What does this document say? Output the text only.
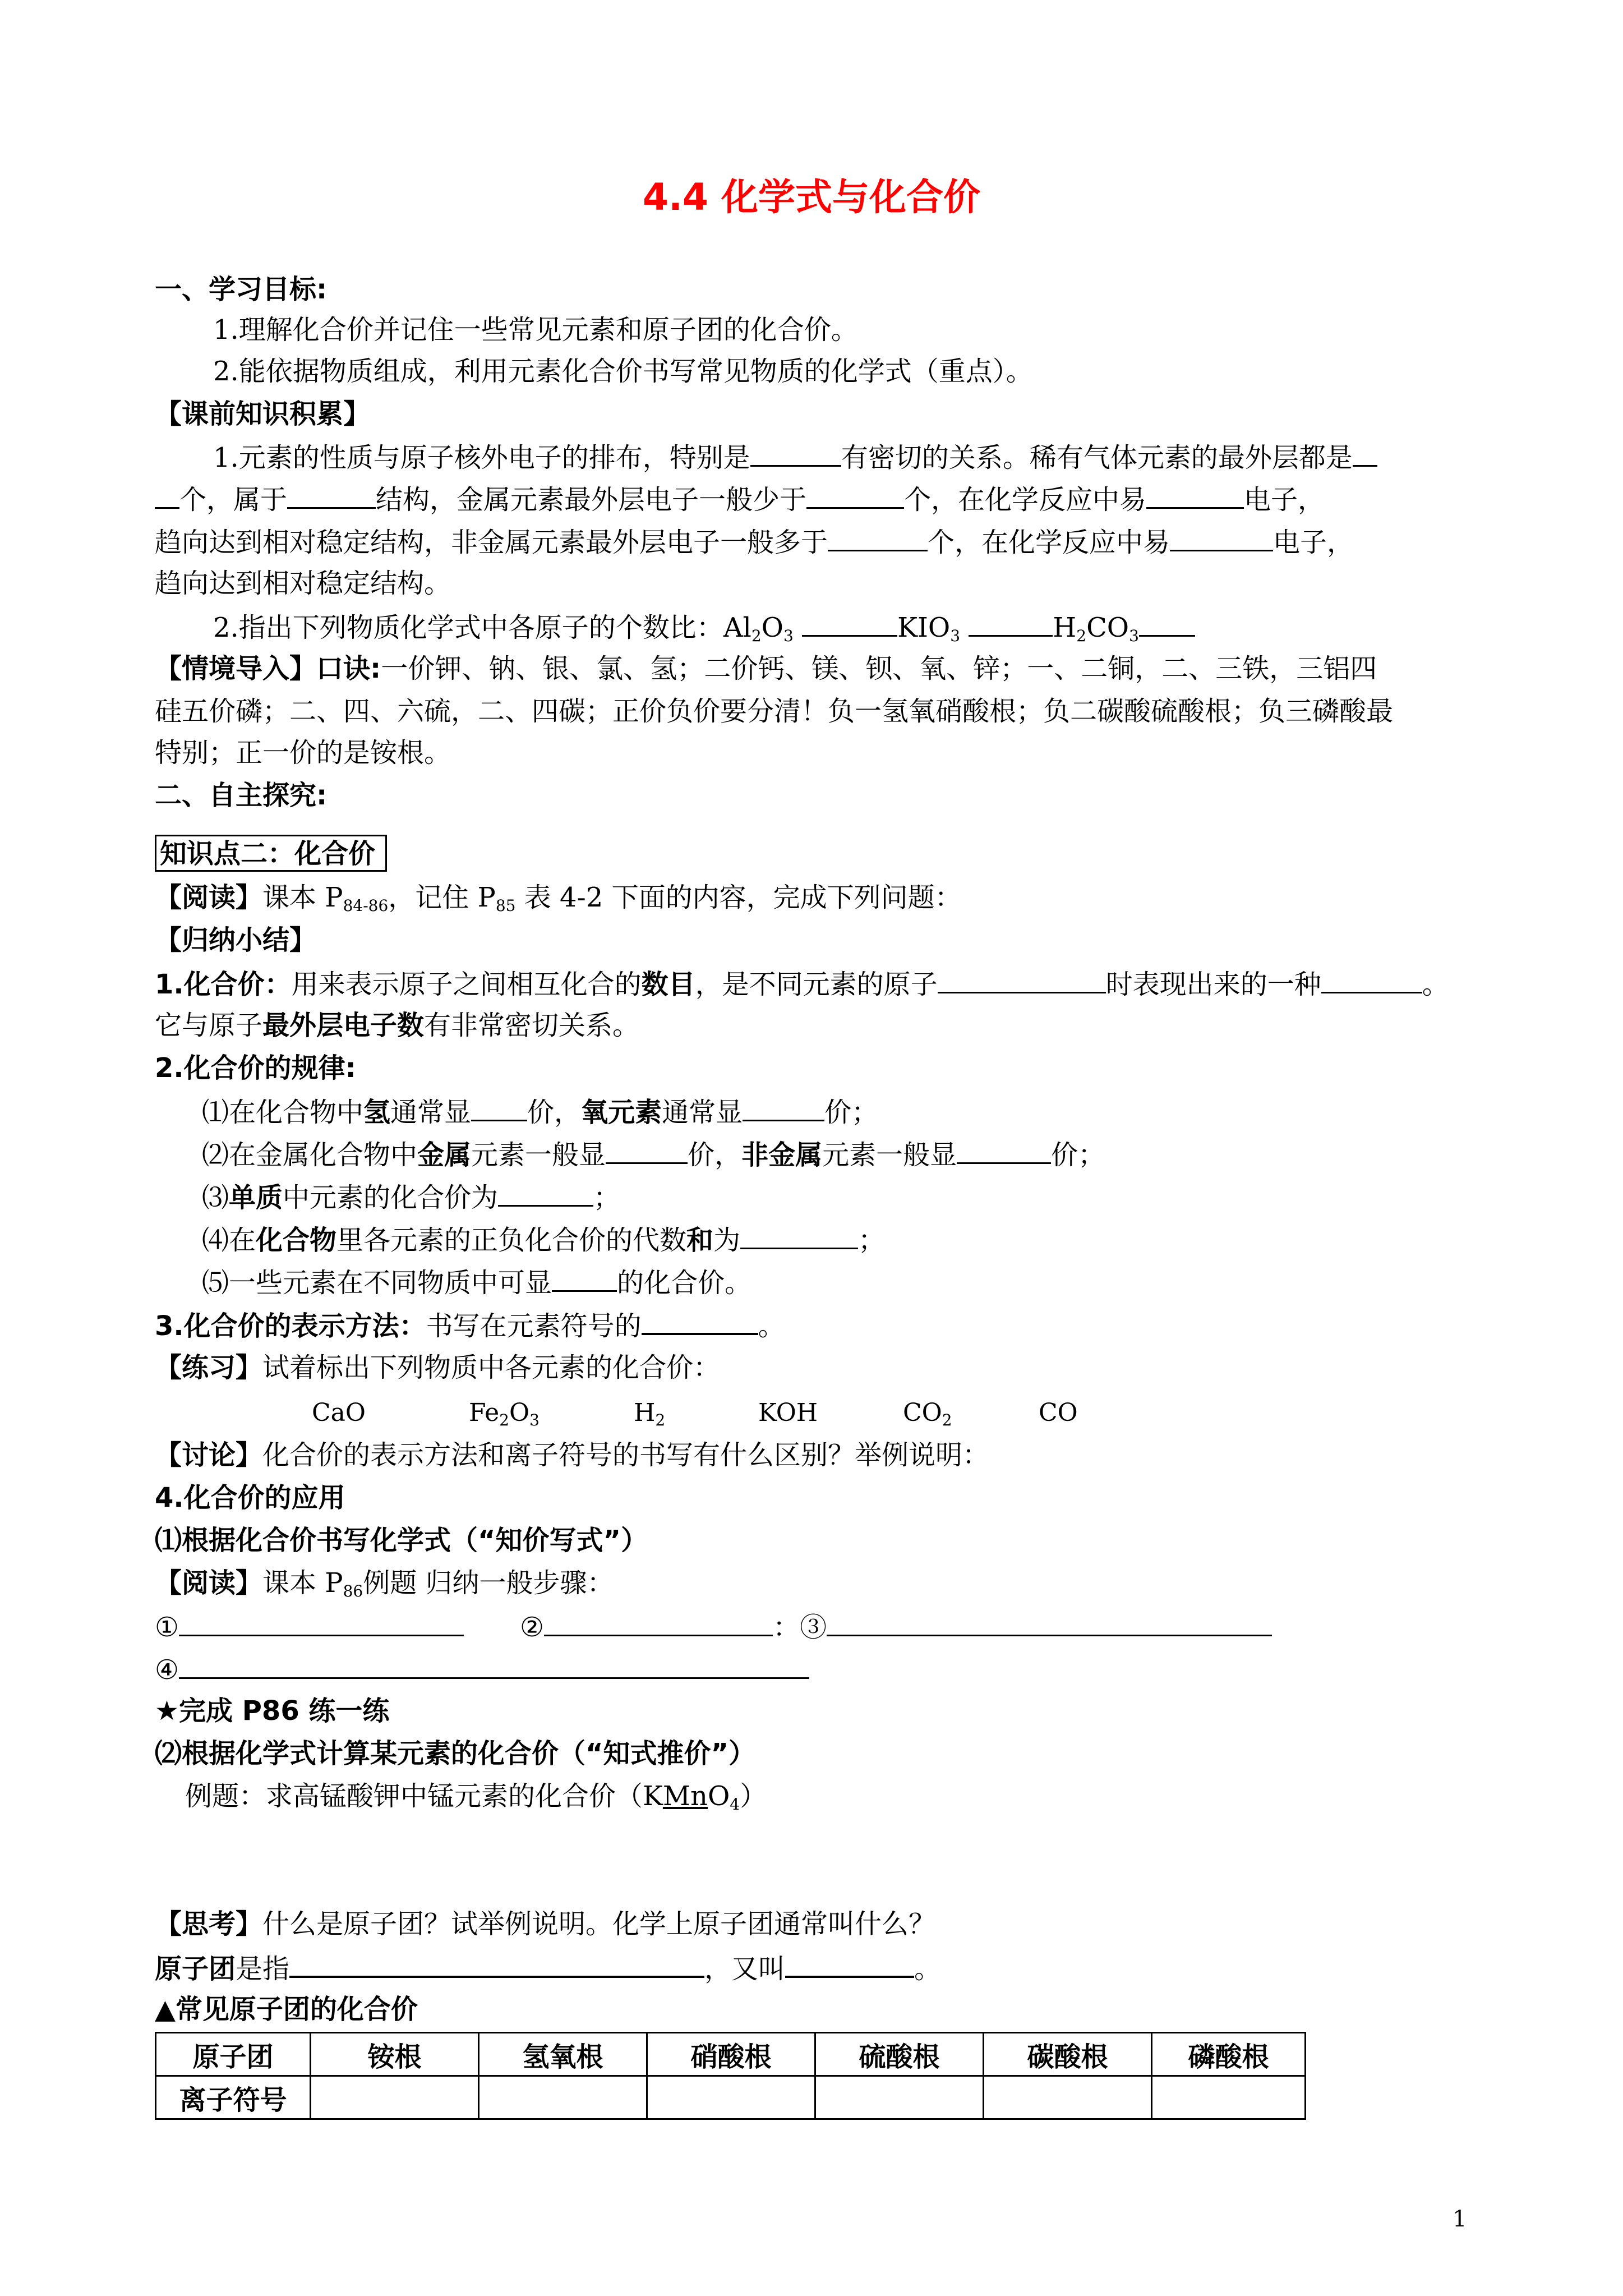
4.4 化学式与化合价

一、学习目标:

1.理解化合价并记住一些常见元素和原子团的化合价。

2.能依据物质组成，利用元素化合价书写常见物质的化学式（重点）。

【课前知识积累】

1.元素的性质与原子核外电子的排布，特别是	有密切的关系。稀有气体元素的最外层都是

个，属于	结构，金属元素最外层电子一般少于	个，在化学反应中易	电子，

趋向达到相对稳定结构，非金属元素最外层电子一般多于	个，在化学反应中易	电子，

趋向达到相对稳定结构。

2.指出下列物质化学式中各原子的个数比：$Al_2O_3$	$KIO_3$	$H_2CO_3$

【情境导入】口诀:一价钾、钠、银、氯、氢；二价钙、镁、钡、氧、锌；一、二铜，二、三铁，三铝四

硅五价磷；二、四、六硫，二、四碳；正价负价要分清！负一氢氧硝酸根；负二碳酸硫酸根；负三磷酸最

特别；正一价的是铵根。

二、自主探究:

知识点二：化合价

【阅读】课本 $P_{84-86}$，记住 $P_{85}$ 表 4-2 下面的内容，完成下列问题：

【归纳小结】

1.化合价：用来表示原子之间相互化合的数目，是不同元素的原子	时表现出来的一种	。

它与原子最外层电子数有非常密切关系。

2.化合价的规律:

⑴在化合物中氢通常显 价，氧元素通常显	价；

⑵在金属化合物中金属元素一般显	价，非金属元素一般显	价；

⑶单质中元素的化合价为	；

⑷在化合物里各元素的正负化合价的代数和为	；

⑸一些元素在不同物质中可显 的化合价。

3.化合价的表示方法：书写在元素符号的	。

【练习】试着标出下列物质中各元素的化合价：

CaO	$Fe_2O_3$	$H_2$	KOH	$CO_2$	CO

【讨论】化合价的表示方法和离子符号的书写有什么区别？举例说明：

4.化合价的应用

⑴根据化合价书写化学式（“知价写式”）

【阅读】课本 $P_{86}$例题 归纳一般步骤：

①	②	：③

④

★完成 P86 练一练

⑵根据化学式计算某元素的化合价（“知式推价”）

例题：求高锰酸钾中锰元素的化合价（KMnO$_4$）

【思考】什么是原子团？试举例说明。化学上原子团通常叫什么？

原子团是指	，又叫	。

▲常见原子团的化合价

原子团	铵根	氢氧根	硝酸根	硫酸根	碳酸根	磷酸根
离子符号						
1
